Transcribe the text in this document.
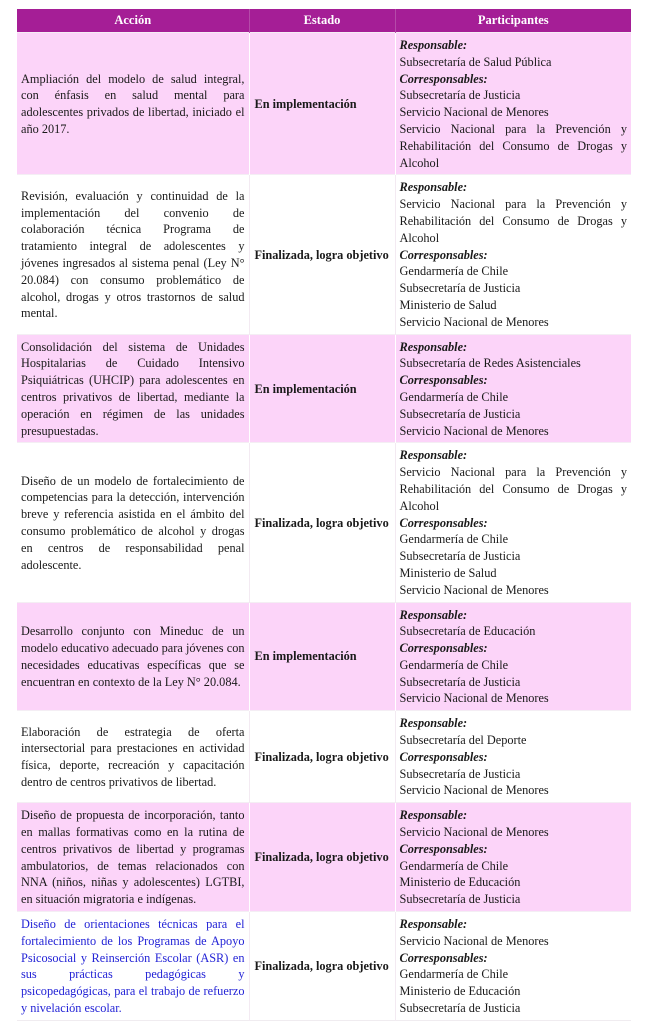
Acción	Estado	Participantes
Ampliación del modelo de salud integral, con énfasis en salud mental para adolescentes privados de libertad, iniciado el año 2017.	En implementación	
Responsable:
Subsecretaría de Salud Pública
Corresponsables:
Subsecretaría de Justicia
Servicio Nacional de Menores
Servicio Nacional para la Prevención y Rehabilitación del Consumo de Drogas y Alcohol

Revisión, evaluación y continuidad de la implementación del convenio de colaboración técnica Programa de tratamiento integral de adolescentes y jóvenes ingresados al sistema penal (Ley N° 20.084) con consumo problemático de alcohol, drogas y otros trastornos de salud mental.	Finalizada, logra objetivo	
Responsable:
Servicio Nacional para la Prevención y Rehabilitación del Consumo de Drogas y Alcohol
Corresponsables:
Gendarmería de Chile
Subsecretaría de Justicia
Ministerio de Salud
Servicio Nacional de Menores

Consolidación del sistema de Unidades Hospitalarias de Cuidado Intensivo Psiquiátricas (UHCIP) para adolescentes en centros privativos de libertad, mediante la operación en régimen de las unidades presupuestadas.	En implementación	
Responsable:
Subsecretaría de Redes Asistenciales
Corresponsables:
Gendarmería de Chile
Subsecretaría de Justicia
Servicio Nacional de Menores

Diseño de un modelo de fortalecimiento de competencias para la detección, intervención breve y referencia asistida en el ámbito del consumo problemático de alcohol y drogas en centros de responsabilidad penal adolescente.	Finalizada, logra objetivo	
Responsable:
Servicio Nacional para la Prevención y Rehabilitación del Consumo de Drogas y Alcohol
Corresponsables:
Gendarmería de Chile
Subsecretaría de Justicia
Ministerio de Salud
Servicio Nacional de Menores

Desarrollo conjunto con Mineduc de un modelo educativo adecuado para jóvenes con necesidades educativas específicas que se encuentran en contexto de la Ley N° 20.084.	En implementación	
Responsable:
Subsecretaría de Educación
Corresponsables:
Gendarmería de Chile
Subsecretaría de Justicia
Servicio Nacional de Menores

Elaboración de estrategia de oferta intersectorial para prestaciones en actividad física, deporte, recreación y capacitación dentro de centros privativos de libertad.	Finalizada, logra objetivo	Responsable:
Subsecretaría del Deporte
Corresponsables:
Subsecretaría de Justicia
Servicio Nacional de Menores

Diseño de propuesta de incorporación, tanto en mallas formativas como en la rutina de centros privativos de libertad y programas ambulatorios, de temas relacionados con NNA (niños, niñas y adolescentes) LGTBI, en situación migratoria e indígenas.	Finalizada, logra objetivo	
Responsable:
Servicio Nacional de Menores
Corresponsables:
Gendarmería de Chile
Ministerio de Educación
Subsecretaría de Justicia

Diseño de orientaciones técnicas para el fortalecimiento de los Programas de Apoyo Psicosocial y Reinserción Escolar (ASR) en sus prácticas pedagógicas y psicopedagógicas, para el trabajo de refuerzo y nivelación escolar.	Finalizada, logra objetivo	
Responsable:
Servicio Nacional de Menores
Corresponsables:
Gendarmería de Chile
Ministerio de Educación
Subsecretaría de Justicia
